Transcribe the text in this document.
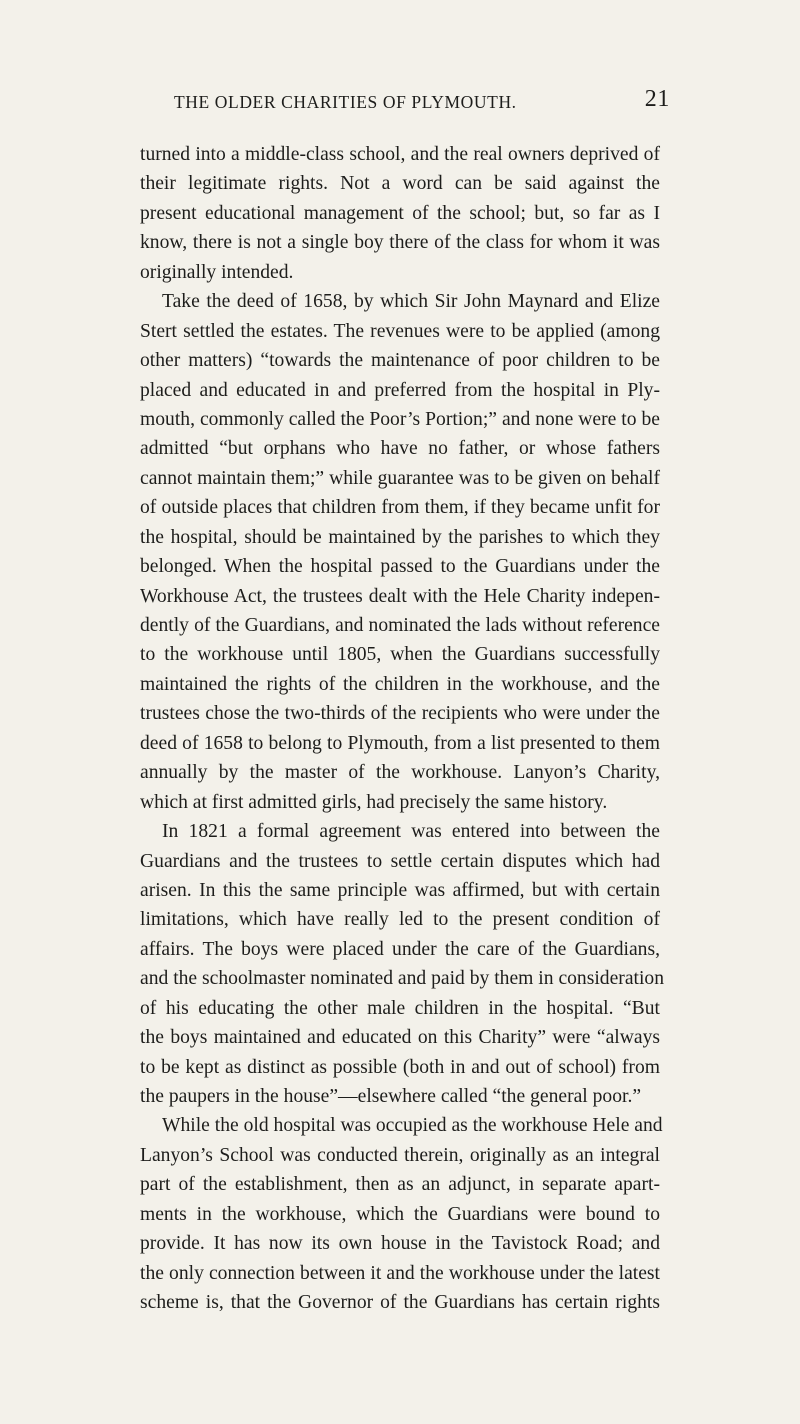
THE OLDER CHARITIES OF PLYMOUTH.	21
turned into a middle-class school, and the real owners deprived of
their legitimate rights. Not a word can be said against the
present educational management of the school; but, so far as I
know, there is not a single boy there of the class for whom it was
originally intended.
Take the deed of 1658, by which Sir John Maynard and Elize
Stert settled the estates. The revenues were to be applied (among
other matters) “towards the maintenance of poor children to be
placed and educated in and preferred from the hospital in Ply-
mouth, commonly called the Poor’s Portion;” and none were to be
admitted “but orphans who have no father, or whose fathers
cannot maintain them;” while guarantee was to be given on behalf
of outside places that children from them, if they became unfit for
the hospital, should be maintained by the parishes to which they
belonged. When the hospital passed to the Guardians under the
Workhouse Act, the trustees dealt with the Hele Charity indepen-
dently of the Guardians, and nominated the lads without reference
to the workhouse until 1805, when the Guardians successfully
maintained the rights of the children in the workhouse, and the
trustees chose the two-thirds of the recipients who were under the
deed of 1658 to belong to Plymouth, from a list presented to them
annually by the master of the workhouse. Lanyon’s Charity,
which at first admitted girls, had precisely the same history.
In 1821 a formal agreement was entered into between the
Guardians and the trustees to settle certain disputes which had
arisen. In this the same principle was affirmed, but with certain
limitations, which have really led to the present condition of
affairs. The boys were placed under the care of the Guardians,
and the schoolmaster nominated and paid by them in consideration
of his educating the other male children in the hospital. “But
the boys maintained and educated on this Charity” were “always
to be kept as distinct as possible (both in and out of school) from
the paupers in the house”—elsewhere called “the general poor.”
While the old hospital was occupied as the workhouse Hele and
Lanyon’s School was conducted therein, originally as an integral
part of the establishment, then as an adjunct, in separate apart-
ments in the workhouse, which the Guardians were bound to
provide. It has now its own house in the Tavistock Road; and
the only connection between it and the workhouse under the latest
scheme is, that the Governor of the Guardians has certain rights
